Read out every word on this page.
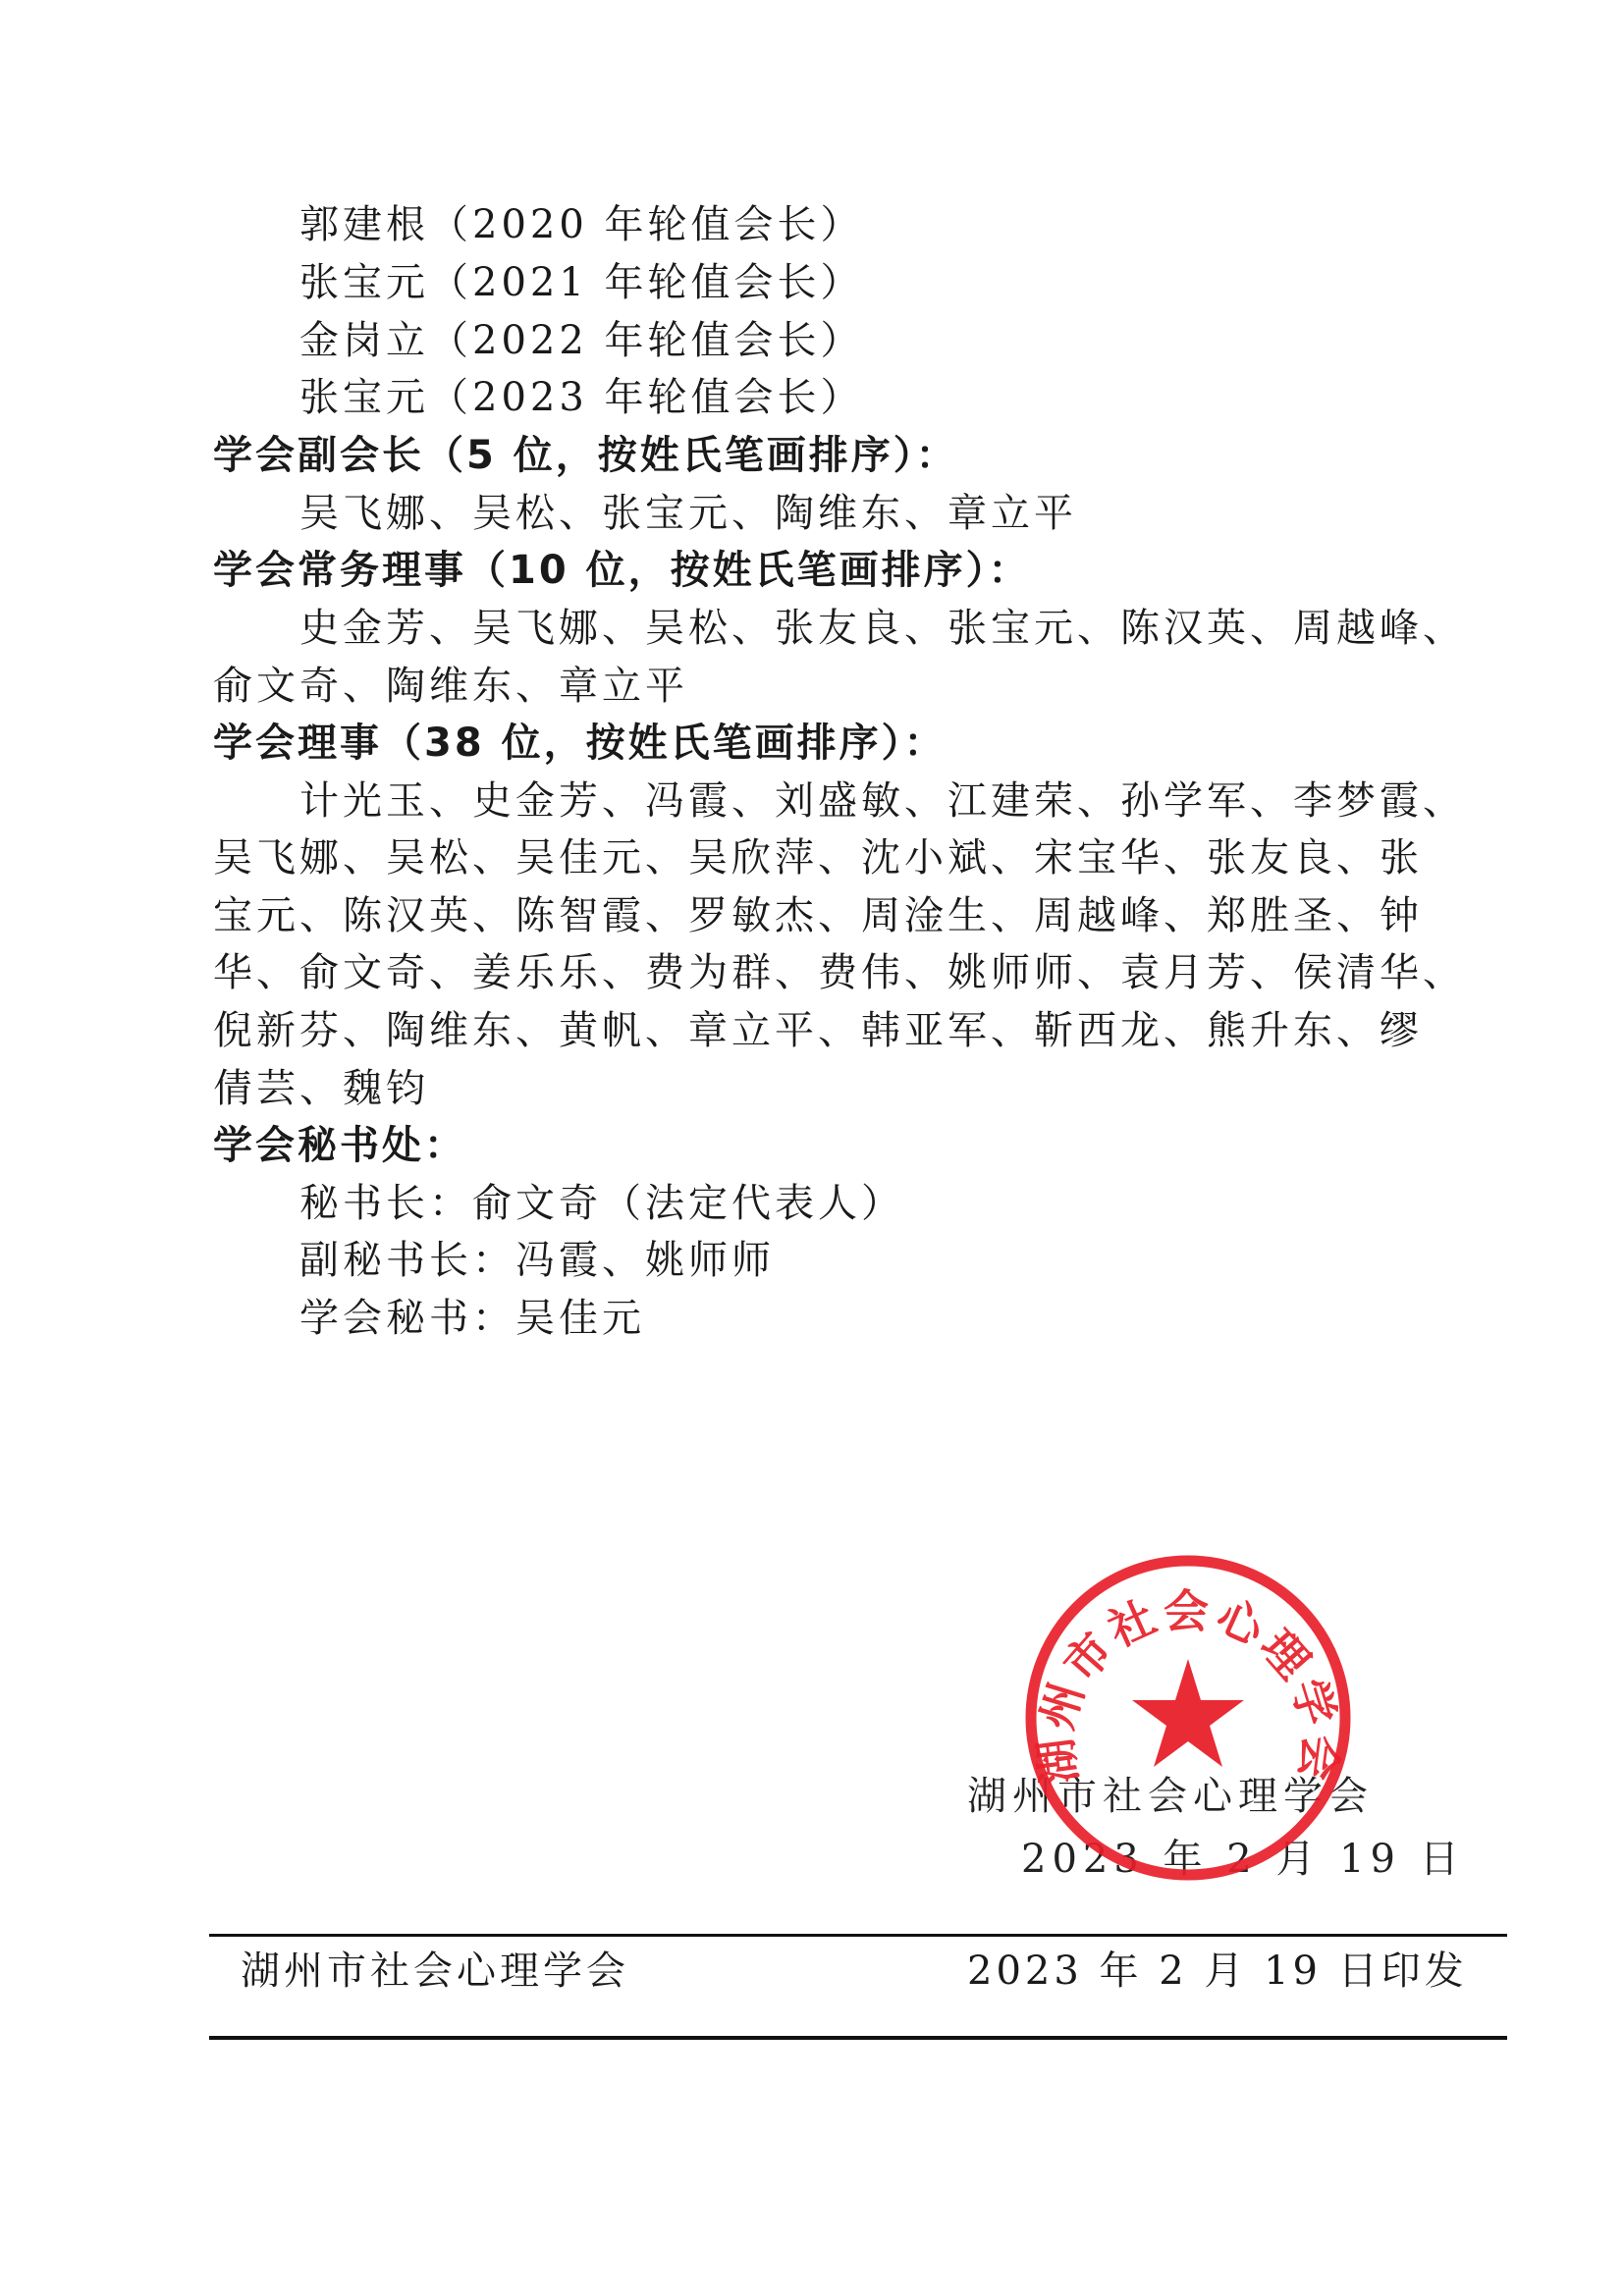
郭建根（2020 年轮值会长）
张宝元（2021 年轮值会长）
金岗立（2022 年轮值会长）
张宝元（2023 年轮值会长）
学会副会长（5 位，按姓氏笔画排序）：
吴飞娜、吴松、张宝元、陶维东、章立平
学会常务理事（10 位，按姓氏笔画排序）：
史金芳、吴飞娜、吴松、张友良、张宝元、陈汉英、周越峰、
俞文奇、陶维东、章立平
学会理事（38 位，按姓氏笔画排序）：
计光玉、史金芳、冯霞、刘盛敏、江建荣、孙学军、李梦霞、
吴飞娜、吴松、吴佳元、吴欣萍、沈小斌、宋宝华、张友良、张
宝元、陈汉英、陈智霞、罗敏杰、周淦生、周越峰、郑胜圣、钟
华、俞文奇、姜乐乐、费为群、费伟、姚师师、袁月芳、侯清华、
倪新芬、陶维东、黄帆、章立平、韩亚军、靳西龙、熊升东、缪
倩芸、魏钧
学会秘书处：
秘书长：俞文奇（法定代表人）
副秘书长：冯霞、姚师师
学会秘书：吴佳元
湖州市社会心理学会
2023 年 2 月 19 日
湖州市社会心理学会
湖州市社会心理学会	2023 年 2 月 19 日印发
